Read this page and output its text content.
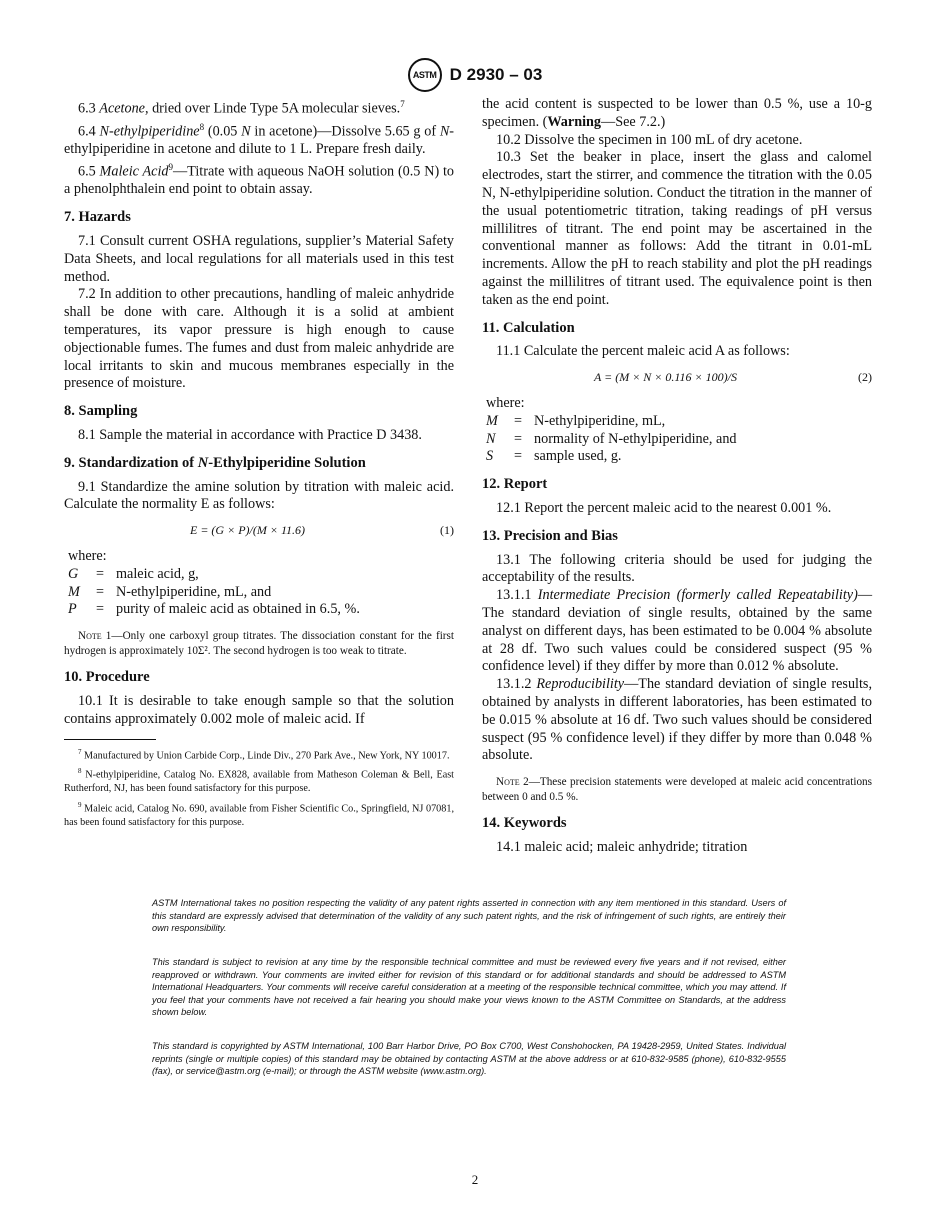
ASTM D 2930 – 03

6.3 Acetone, dried over Linde Type 5A molecular sieves.$^7$

6.4 N-ethylpiperidine$^8$ (0.05 N in acetone)—Dissolve 5.65 g of N-ethylpiperidine in acetone and dilute to 1 L. Prepare fresh daily.

6.5 Maleic Acid$^9$—Titrate with aqueous NaOH solution (0.5 N) to a phenolphthalein end point to obtain assay.

7. Hazards

7.1 Consult current OSHA regulations, supplier’s Material Safety Data Sheets, and local regulations for all materials used in this test method.

7.2 In addition to other precautions, handling of maleic anhydride shall be done with care. Although it is a solid at ambient temperatures, its vapor pressure is high enough to cause objectionable fumes. The fumes and dust from maleic anhydride are local irritants to skin and mucous membranes especially in the presence of moisture.

8. Sampling

8.1 Sample the material in accordance with Practice D 3438.

9. Standardization of N-Ethylpiperidine Solution

9.1 Standardize the amine solution by titration with maleic acid. Calculate the normality E as follows:

E = (G × P)/(M × 11.6)	(1)
where:
G	= maleic acid, g,
M	= N-ethylpiperidine, mL, and
P	= purity of maleic acid as obtained in 6.5, %.
Note 1—Only one carboxyl group titrates. The dissociation constant for the first hydrogen is approximately 10Σ². The second hydrogen is too weak to titrate.
10. Procedure

10.1 It is desirable to take enough sample so that the solution contains approximately 0.002 mole of maleic acid. If

$^7$ Manufactured by Union Carbide Corp., Linde Div., 270 Park Ave., New York, NY 10017.

$^8$ N-ethylpiperidine, Catalog No. EX828, available from Matheson Coleman & Bell, East Rutherford, NJ, has been found satisfactory for this purpose.

$^9$ Maleic acid, Catalog No. 690, available from Fisher Scientific Co., Springfield, NJ 07081, has been found satisfactory for this purpose.

the acid content is suspected to be lower than 0.5 %, use a 10-g specimen. (Warning—See 7.2.)

10.2 Dissolve the specimen in 100 mL of dry acetone.

10.3 Set the beaker in place, insert the glass and calomel electrodes, start the stirrer, and commence the titration with the 0.05 N, N-ethylpiperidine solution. Conduct the titration in the manner of the usual potentiometric titration, taking readings of pH versus millilitres of titrant. The end point may be ascertained in the conventional manner as follows: Add the titrant in 0.01-mL increments. Allow the pH to reach stability and plot the pH readings against the millilitres of titrant used. The equivalence point is then taken as the end point.

11. Calculation

11.1 Calculate the percent maleic acid A as follows:

A = (M × N × 0.116 × 100)/S	(2)
where:
M	= N-ethylpiperidine, mL,
N	= normality of N-ethylpiperidine, and
S	= sample used, g.
12. Report

12.1 Report the percent maleic acid to the nearest 0.001 %.

13. Precision and Bias

13.1 The following criteria should be used for judging the acceptability of the results.

13.1.1 Intermediate Precision (formerly called Repeatability)—The standard deviation of single results, obtained by the same analyst on different days, has been estimated to be 0.004 % absolute at 28 df. Two such values could be considered suspect (95 % confidence level) if they differ by more than 0.012 % absolute.

13.1.2 Reproducibility—The standard deviation of single results, obtained by analysts in different laboratories, has been estimated to be 0.015 % absolute at 16 df. Two such values should be considered suspect (95 % confidence level) if they differ by more than 0.048 % absolute.

Note 2—These precision statements were developed at maleic acid concentrations between 0 and 0.5 %.
14. Keywords

14.1 maleic acid; maleic anhydride; titration

ASTM International takes no position respecting the validity of any patent rights asserted in connection with any item mentioned in this standard. Users of this standard are expressly advised that determination of the validity of any such patent rights, and the risk of infringement of such rights, are entirely their own responsibility.
This standard is subject to revision at any time by the responsible technical committee and must be reviewed every five years and if not revised, either reapproved or withdrawn. Your comments are invited either for revision of this standard or for additional standards and should be addressed to ASTM International Headquarters. Your comments will receive careful consideration at a meeting of the responsible technical committee, which you may attend. If you feel that your comments have not received a fair hearing you should make your views known to the ASTM Committee on Standards, at the address shown below.
This standard is copyrighted by ASTM International, 100 Barr Harbor Drive, PO Box C700, West Conshohocken, PA 19428-2959, United States. Individual reprints (single or multiple copies) of this standard may be obtained by contacting ASTM at the above address or at 610-832-9585 (phone), 610-832-9555 (fax), or service@astm.org (e-mail); or through the ASTM website (www.astm.org).
2
